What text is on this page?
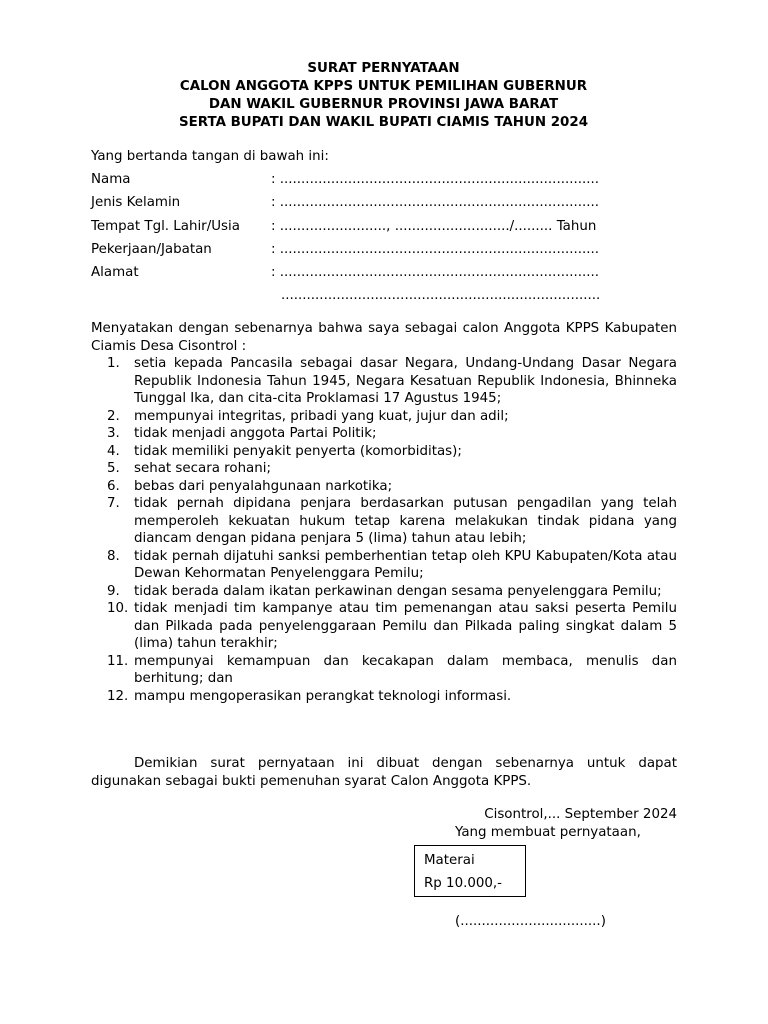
SURAT PERNYATAAN
CALON ANGGOTA KPPS UNTUK PEMILIHAN GUBERNUR
DAN WAKIL GUBERNUR PROVINSI JAWA BARAT
SERTA BUPATI DAN WAKIL BUPATI CIAMIS TAHUN 2024
Yang bertanda tangan di bawah ini:
Nama	: ...........................................................................
Jenis Kelamin	: ...........................................................................
Tempat Tgl. Lahir/Usia : ........................., .........................../......... Tahun
Pekerjaan/Jabatan	: ...........................................................................
Alamat	: ...........................................................................
...........................................................................
Menyatakan dengan sebenarnya bahwa saya sebagai calon Anggota KPPS Kabupaten Ciamis Desa Cisontrol :
1.	setia kepada Pancasila sebagai dasar Negara, Undang-Undang Dasar Negara Republik Indonesia Tahun 1945, Negara Kesatuan Republik Indonesia, Bhinneka Tunggal Ika, dan cita-cita Proklamasi 17 Agustus 1945;
2.	mempunyai integritas, pribadi yang kuat, jujur dan adil;
3.	tidak menjadi anggota Partai Politik;
4.	tidak memiliki penyakit penyerta (komorbiditas);
5.	sehat secara rohani;
6.	bebas dari penyalahgunaan narkotika;
7.	tidak pernah dipidana penjara berdasarkan putusan pengadilan yang telah memperoleh kekuatan hukum tetap karena melakukan tindak pidana yang diancam dengan pidana penjara 5 (lima) tahun atau lebih;
8.	tidak pernah dijatuhi sanksi pemberhentian tetap oleh KPU Kabupaten/Kota atau Dewan Kehormatan Penyelenggara Pemilu;
9.	tidak berada dalam ikatan perkawinan dengan sesama penyelenggara Pemilu;
10. tidak menjadi tim kampanye atau tim pemenangan atau saksi peserta Pemilu dan Pilkada pada penyelenggaraan Pemilu dan Pilkada paling singkat dalam 5 (lima) tahun terakhir;
11. mempunyai kemampuan dan kecakapan dalam membaca, menulis dan berhitung; dan
12. mampu mengoperasikan perangkat teknologi informasi.
Demikian surat pernyataan ini dibuat dengan sebenarnya untuk dapat digunakan sebagai bukti pemenuhan syarat Calon Anggota KPPS.
Cisontrol,... September 2024
Yang membuat pernyataan,
Materai
Rp 10.000,-
(.................................)
